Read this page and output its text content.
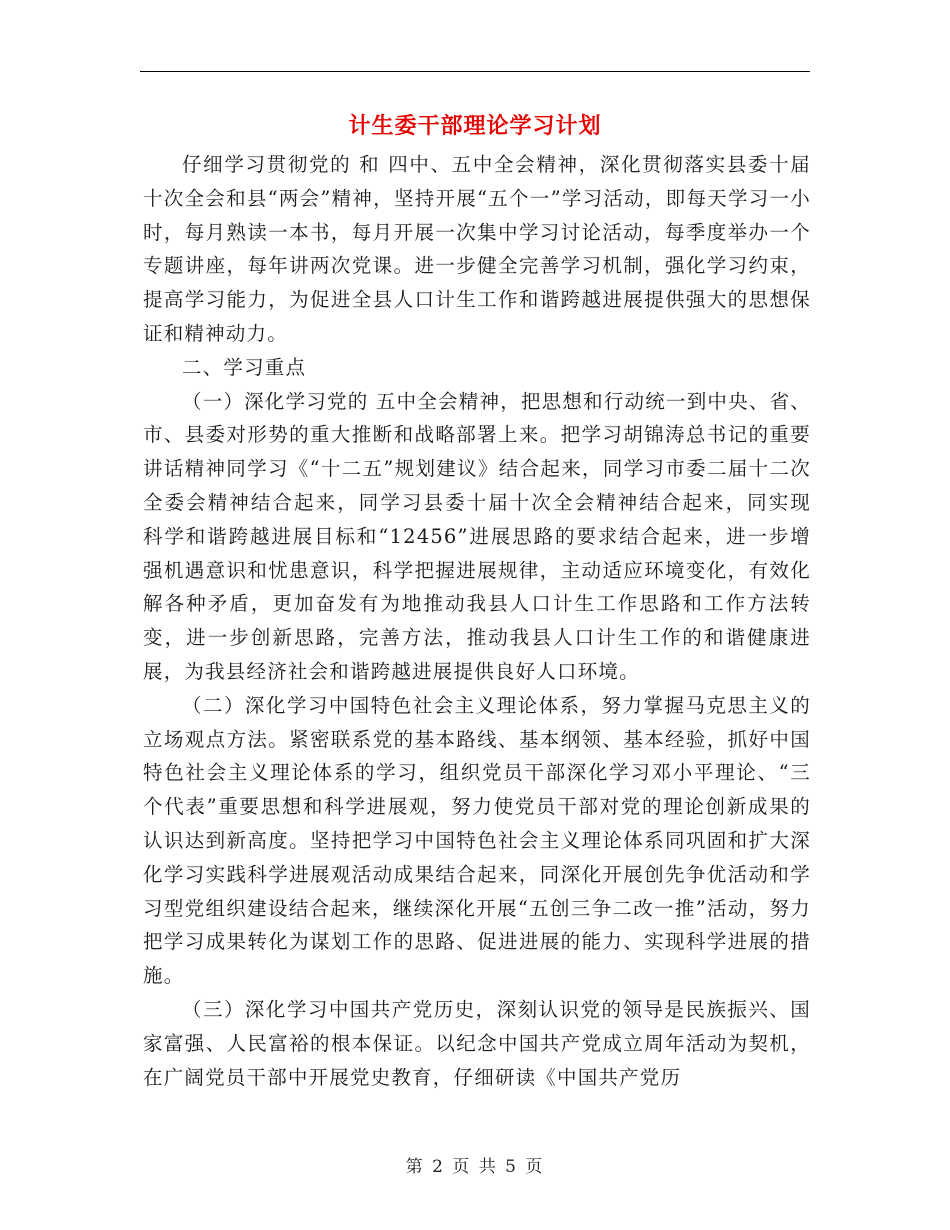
计生委干部理论学习计划

仔细学习贯彻党的 和 四中、五中全会精神，深化贯彻落实县委十届十次全会和县“两会”精神，坚持开展“五个一”学习活动，即每天学习一小时，每月熟读一本书，每月开展一次集中学习讨论活动，每季度举办一个专题讲座，每年讲两次党课。进一步健全完善学习机制，强化学习约束，提高学习能力，为促进全县人口计生工作和谐跨越进展提供强大的思想保证和精神动力。

二、学习重点

（一）深化学习党的 五中全会精神，把思想和行动统一到中央、省、市、县委对形势的重大推断和战略部署上来。把学习胡锦涛总书记的重要讲话精神同学习《“十二五”规划建议》结合起来，同学习市委二届十二次全委会精神结合起来，同学习县委十届十次全会精神结合起来，同实现 科学和谐跨越进展目标和“12456”进展思路的要求结合起来，进一步增强机遇意识和忧患意识，科学把握进展规律，主动适应环境变化，有效化解各种矛盾，更加奋发有为地推动我县人口计生工作思路和工作方法转变，进一步创新思路，完善方法，推动我县人口计生工作的和谐健康进展，为我县经济社会和谐跨越进展提供良好人口环境。

（二）深化学习中国特色社会主义理论体系，努力掌握马克思主义的立场观点方法。紧密联系党的基本路线、基本纲领、基本经验，抓好中国特色社会主义理论体系的学习，组织党员干部深化学习邓小平理论、“三个代表”重要思想和科学进展观，努力使党员干部对党的理论创新成果的认识达到新高度。坚持把学习中国特色社会主义理论体系同巩固和扩大深化学习实践科学进展观活动成果结合起来，同深化开展创先争优活动和学习型党组织建设结合起来，继续深化开展“五创三争二改一推”活动，努力把学习成果转化为谋划工作的思路、促进进展的能力、实现科学进展的措施。

（三）深化学习中国共产党历史，深刻认识党的领导是民族振兴、国家富强、人民富裕的根本保证。以纪念中国共产党成立周年活动为契机，在广阔党员干部中开展党史教育，仔细研读《中国共产党历

第 2 页 共 5 页
